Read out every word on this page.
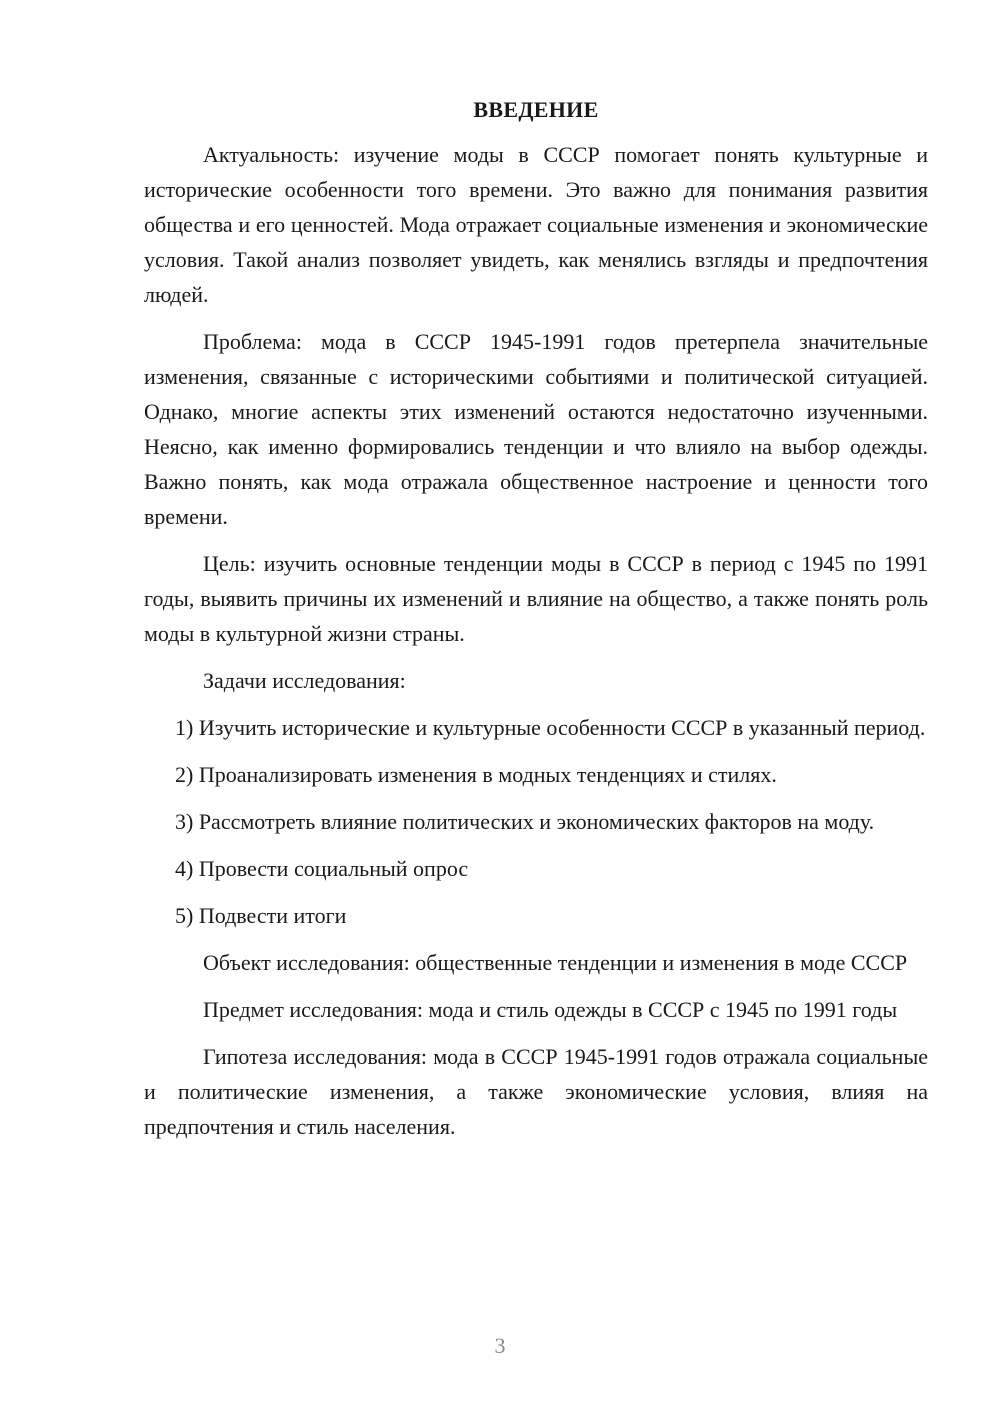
ВВЕДЕНИЕ

Актуальность: изучение моды в СССР помогает понять культурные и исторические особенности того времени. Это важно для понимания развития общества и его ценностей. Мода отражает социальные изменения и экономические условия. Такой анализ позволяет увидеть, как менялись взгляды и предпочтения людей.

Проблема: мода в СССР 1945-1991 годов претерпела значительные изменения, связанные с историческими событиями и политической ситуацией. Однако, многие аспекты этих изменений остаются недостаточно изученными. Неясно, как именно формировались тенденции и что влияло на выбор одежды. Важно понять, как мода отражала общественное настроение и ценности того времени.

Цель: изучить основные тенденции моды в СССР в период с 1945 по 1991 годы, выявить причины их изменений и влияние на общество, а также понять роль моды в культурной жизни страны.

Задачи исследования:

1) Изучить исторические и культурные особенности СССР в указанный период.

2) Проанализировать изменения в модных тенденциях и стилях.

3) Рассмотреть влияние политических и экономических факторов на моду.

4) Провести социальный опрос

5) Подвести итоги

Объект исследования: общественные тенденции и изменения в моде СССР

Предмет исследования: мода и стиль одежды в СССР с 1945 по 1991 годы

Гипотеза исследования: мода в СССР 1945-1991 годов отражала социальные и политические изменения, а также экономические условия, влияя на предпочтения и стиль населения.

3
